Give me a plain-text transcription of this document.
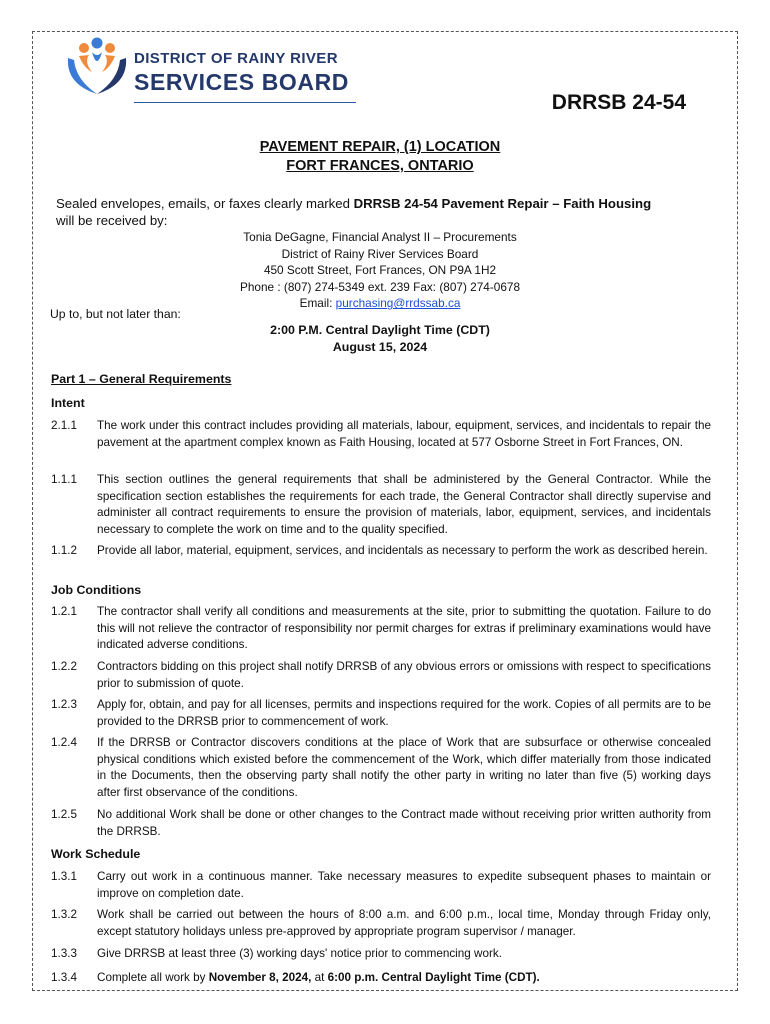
DISTRICT OF RAINY RIVER
SERVICES BOARD
DRRSB 24-54
PAVEMENT REPAIR, (1) LOCATION
FORT FRANCES, ONTARIO
Sealed envelopes, emails, or faxes clearly marked DRRSB 24-54 Pavement Repair – Faith Housing
will be received by:
Tonia DeGagne, Financial Analyst II – Procurements
District of Rainy River Services Board
450 Scott Street, Fort Frances, ON P9A 1H2
Phone : (807) 274-5349 ext. 239 Fax: (807) 274-0678
Email: purchasing@rrdssab.ca
Up to, but not later than:
2:00 P.M. Central Daylight Time (CDT)
August 15, 2024
Part 1 – General Requirements
Intent
2.1.1 The work under this contract includes providing all materials, labour, equipment, services, and incidentals to repair the pavement at the apartment complex known as Faith Housing, located at 577 Osborne Street in Fort Frances, ON.
1.1.1 This section outlines the general requirements that shall be administered by the General Contractor. While the specification section establishes the requirements for each trade, the General Contractor shall directly supervise and administer all contract requirements to ensure the provision of materials, labor, equipment, services, and incidentals necessary to complete the work on time and to the quality specified.
1.1.2 Provide all labor, material, equipment, services, and incidentals as necessary to perform the work as described herein.
Job Conditions
1.2.1 The contractor shall verify all conditions and measurements at the site, prior to submitting the quotation. Failure to do this will not relieve the contractor of responsibility nor permit charges for extras if preliminary examinations would have indicated adverse conditions.
1.2.2 Contractors bidding on this project shall notify DRRSB of any obvious errors or omissions with respect to specifications prior to submission of quote.
1.2.3 Apply for, obtain, and pay for all licenses, permits and inspections required for the work. Copies of all permits are to be provided to the DRRSB prior to commencement of work.
1.2.4 If the DRRSB or Contractor discovers conditions at the place of Work that are subsurface or otherwise concealed physical conditions which existed before the commencement of the Work, which differ materially from those indicated in the Documents, then the observing party shall notify the other party in writing no later than five (5) working days after first observance of the conditions.
1.2.5 No additional Work shall be done or other changes to the Contract made without receiving prior written authority from the DRRSB.
Work Schedule
1.3.1 Carry out work in a continuous manner. Take necessary measures to expedite subsequent phases to maintain or improve on completion date.
1.3.2 Work shall be carried out between the hours of 8:00 a.m. and 6:00 p.m., local time, Monday through Friday only, except statutory holidays unless pre-approved by appropriate program supervisor / manager.
1.3.3 Give DRRSB at least three (3) working days' notice prior to commencing work.
1.3.4 Complete all work by November 8, 2024, at 6:00 p.m. Central Daylight Time (CDT).
